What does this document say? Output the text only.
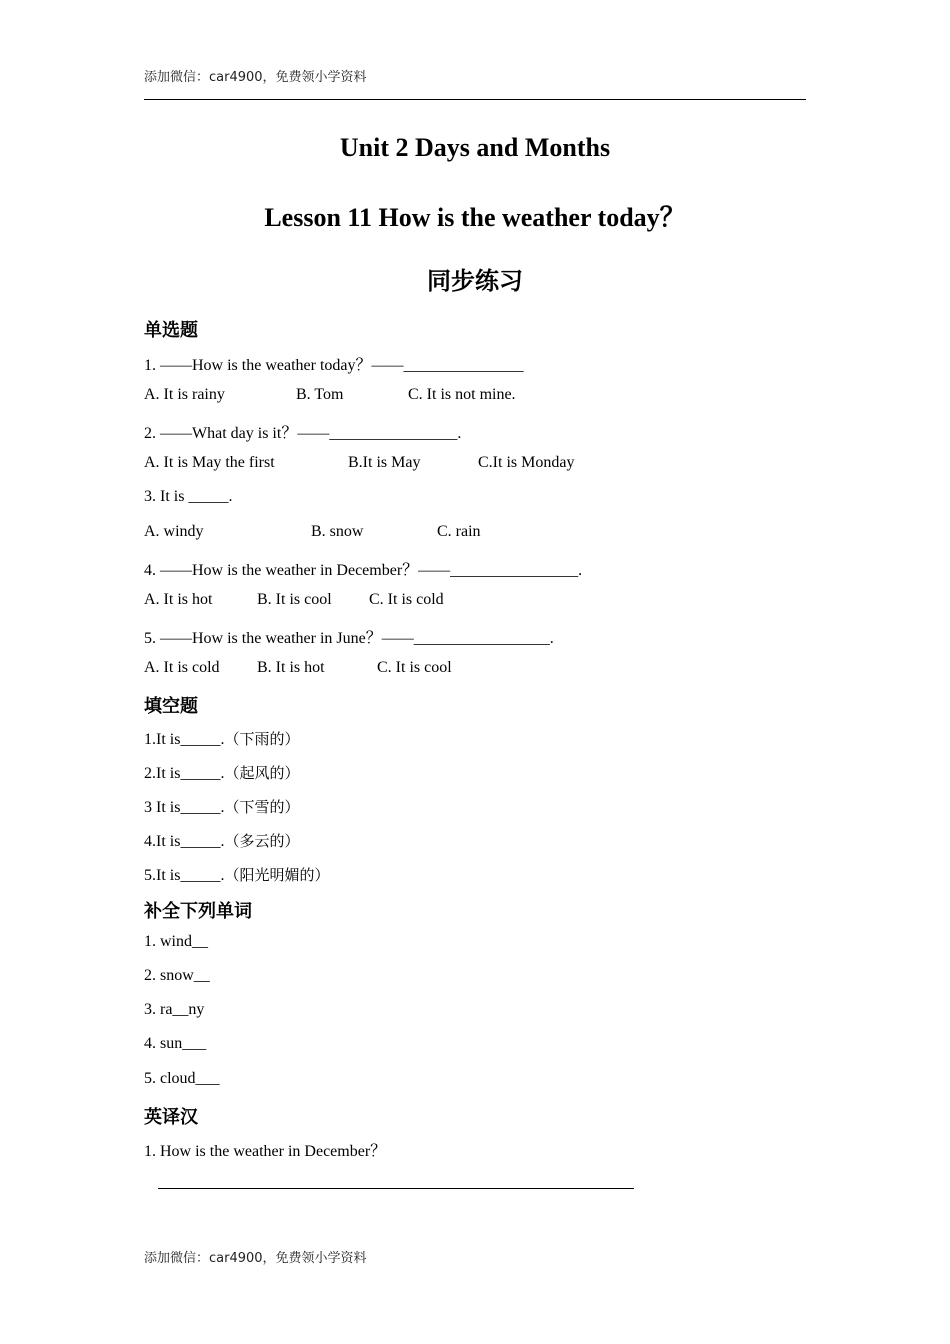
添加微信：car4900，免费领小学资料
Unit 2 Days and Months
Lesson 11 How is the weather today？
同步练习
单选题
1. ——How is the weather today？——_______________
A. It is rainy	B. Tom	C. It is not mine.
2. ——What day is it？——________________.
A. It is May the first	B.It is May	C.It is Monday
3. It is _____.
A. windy	B. snow	C. rain
4. ——How is the weather in December？——________________.
A. It is hot	B. It is cool C. It is cold
5. ——How is the weather in June？——_________________.
A. It is cold B. It is hot	C. It is cool
填空题
1.It is_____.（下雨的）
2.It is_____.（起风的）
3 It is_____.（下雪的）
4.It is_____.（多云的）
5.It is_____.（阳光明媚的）
补全下列单词
1. wind__
2. snow__
3. ra__ny
4. sun___
5. cloud___
英译汉
1. How is the weather in December？
添加微信：car4900，免费领小学资料
